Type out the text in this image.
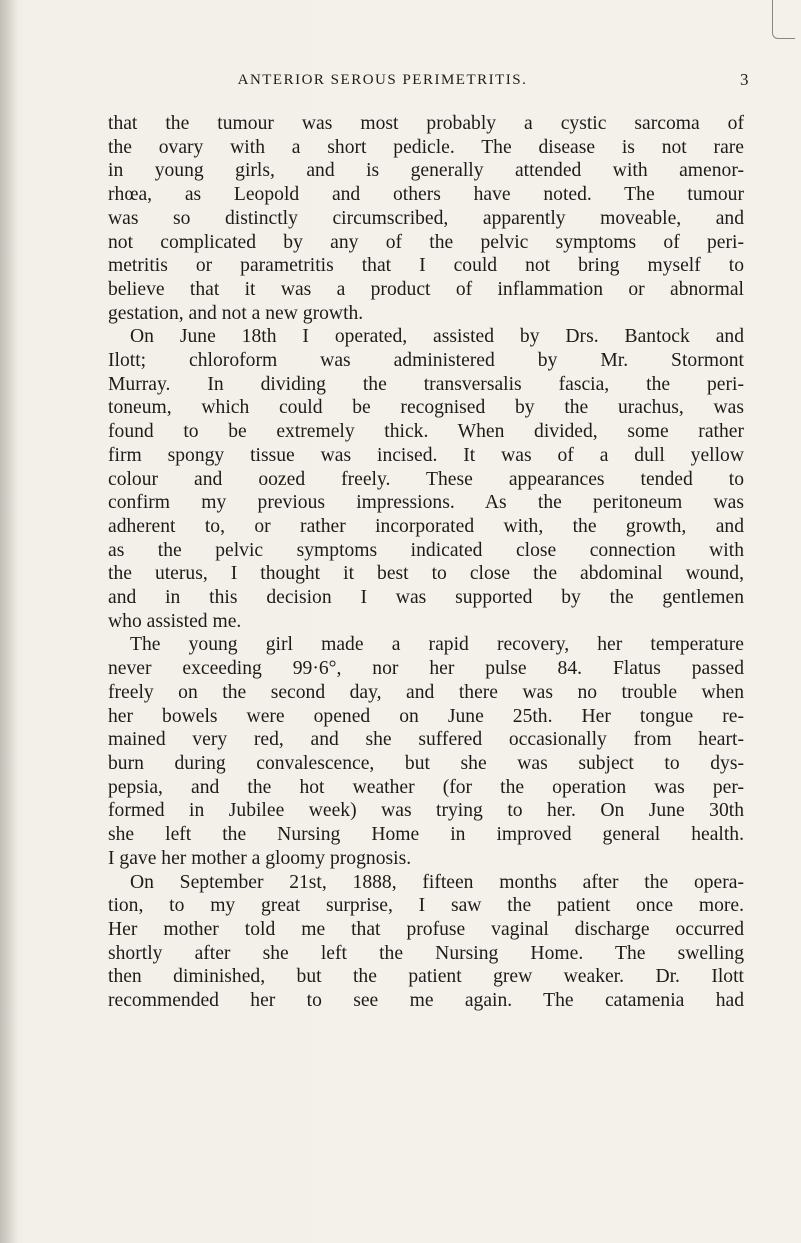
ANTERIOR SEROUS PERIMETRITIS.	3
that the tumour was most probably a cystic sarcoma of
the ovary with a short pedicle. The disease is not rare
in young girls, and is generally attended with amenor-
rhœa, as Leopold and others have noted. The tumour
was so distinctly circumscribed, apparently moveable, and
not complicated by any of the pelvic symptoms of peri-
metritis or parametritis that I could not bring myself to
believe that it was a product of inflammation or abnormal
gestation, and not a new growth.
On June 18th I operated, assisted by Drs. Bantock and
Ilott; chloroform was administered by Mr. Stormont
Murray. In dividing the transversalis fascia, the peri-
toneum, which could be recognised by the urachus, was
found to be extremely thick. When divided, some rather
firm spongy tissue was incised. It was of a dull yellow
colour and oozed freely. These appearances tended to
confirm my previous impressions. As the peritoneum was
adherent to, or rather incorporated with, the growth, and
as the pelvic symptoms indicated close connection with
the uterus, I thought it best to close the abdominal wound,
and in this decision I was supported by the gentlemen
who assisted me.
The young girl made a rapid recovery, her temperature
never exceeding 99·6°, nor her pulse 84. Flatus passed
freely on the second day, and there was no trouble when
her bowels were opened on June 25th. Her tongue re-
mained very red, and she suffered occasionally from heart-
burn during convalescence, but she was subject to dys-
pepsia, and the hot weather (for the operation was per-
formed in Jubilee week) was trying to her. On June 30th
she left the Nursing Home in improved general health.
I gave her mother a gloomy prognosis.
On September 21st, 1888, fifteen months after the opera-
tion, to my great surprise, I saw the patient once more.
Her mother told me that profuse vaginal discharge occurred
shortly after she left the Nursing Home. The swelling
then diminished, but the patient grew weaker. Dr. Ilott
recommended her to see me again. The catamenia had
